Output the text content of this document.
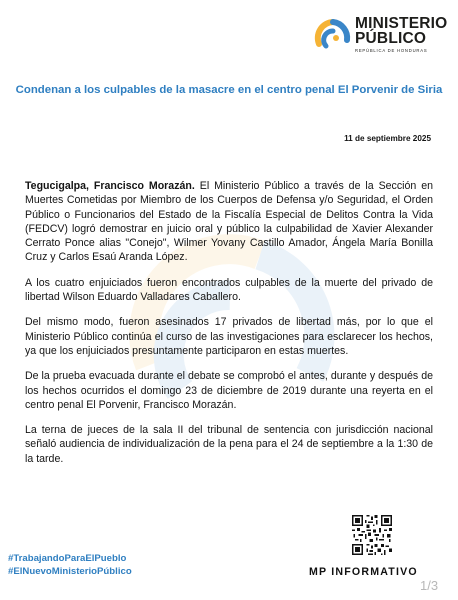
MINISTERIO
PÚBLICO
REPÚBLICA DE HONDURAS
Condenan a los culpables de la masacre en el centro penal El Porvenir de Siria
11 de septiembre 2025

Tegucigalpa, Francisco Morazán. El Ministerio Público a través de la Sección en Muertes Cometidas por Miembro de los Cuerpos de Defensa y/o Seguridad, el Orden Público o Funcionarios del Estado de la Fiscalía Especial de Delitos Contra la Vida (FEDCV) logró demostrar en juicio oral y público la culpabilidad de Xavier Alexander Cerrato Ponce alias "Conejo", Wilmer Yovany Castillo Amador, Ángela María Bonilla Cruz y Carlos Esaú Aranda López.

A los cuatro enjuiciados fueron encontrados culpables de la muerte del privado de libertad Wilson Eduardo Valladares Caballero.

Del mismo modo, fueron asesinados 17 privados de libertad más, por lo que el Ministerio Público continúa el curso de las investigaciones para esclarecer los hechos, ya que los enjuiciados presuntamente participaron en estas muertes.

De la prueba evacuada durante el debate se comprobó el antes, durante y después de los hechos ocurridos el domingo 23 de diciembre de 2019 durante una reyerta en el centro penal El Porvenir, Francisco Morazán.

La terna de jueces de la sala II del tribunal de sentencia con jurisdicción nacional señaló audiencia de individualización de la pena para el 24 de septiembre a la 1:30 de la tarde.

#TrabajandoParaElPueblo
#ElNuevoMinisterioPúblico	MP INFORMATIVO
1/3
